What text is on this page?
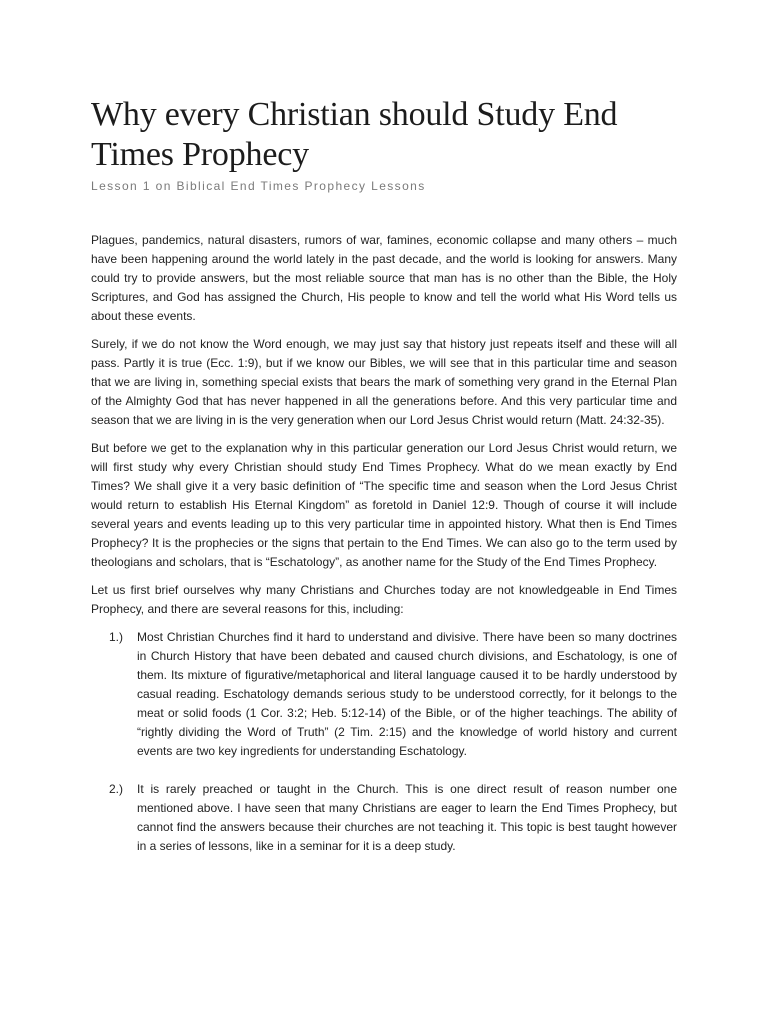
Why every Christian should Study End Times Prophecy
Lesson 1 on Biblical End Times Prophecy Lessons

Plagues, pandemics, natural disasters, rumors of war, famines, economic collapse and many others – much have been happening around the world lately in the past decade, and the world is looking for answers. Many could try to provide answers, but the most reliable source that man has is no other than the Bible, the Holy Scriptures, and God has assigned the Church, His people to know and tell the world what His Word tells us about these events.

Surely, if we do not know the Word enough, we may just say that history just repeats itself and these will all pass. Partly it is true (Ecc. 1:9), but if we know our Bibles, we will see that in this particular time and season that we are living in, something special exists that bears the mark of something very grand in the Eternal Plan of the Almighty God that has never happened in all the generations before. And this very particular time and season that we are living in is the very generation when our Lord Jesus Christ would return (Matt. 24:32-35).

But before we get to the explanation why in this particular generation our Lord Jesus Christ would return, we will first study why every Christian should study End Times Prophecy. What do we mean exactly by End Times? We shall give it a very basic definition of “The specific time and season when the Lord Jesus Christ would return to establish His Eternal Kingdom” as foretold in Daniel 12:9. Though of course it will include several years and events leading up to this very particular time in appointed history. What then is End Times Prophecy? It is the prophecies or the signs that pertain to the End Times. We can also go to the term used by theologians and scholars, that is “Eschatology”, as another name for the Study of the End Times Prophecy.

Let us first brief ourselves why many Christians and Churches today are not knowledgeable in End Times Prophecy, and there are several reasons for this, including:

1.)	Most Christian Churches find it hard to understand and divisive. There have been so many doctrines in Church History that have been debated and caused church divisions, and Eschatology, is one of them. Its mixture of figurative/metaphorical and literal language caused it to be hardly understood by casual reading. Eschatology demands serious study to be understood correctly, for it belongs to the meat or solid foods (1 Cor. 3:2; Heb. 5:12-14) of the Bible, or of the higher teachings. The ability of “rightly dividing the Word of Truth” (2 Tim. 2:15) and the knowledge of world history and current events are two key ingredients for understanding Eschatology.
2.)	It is rarely preached or taught in the Church. This is one direct result of reason number one mentioned above. I have seen that many Christians are eager to learn the End Times Prophecy, but cannot find the answers because their churches are not teaching it. This topic is best taught however in a series of lessons, like in a seminar for it is a deep study.
